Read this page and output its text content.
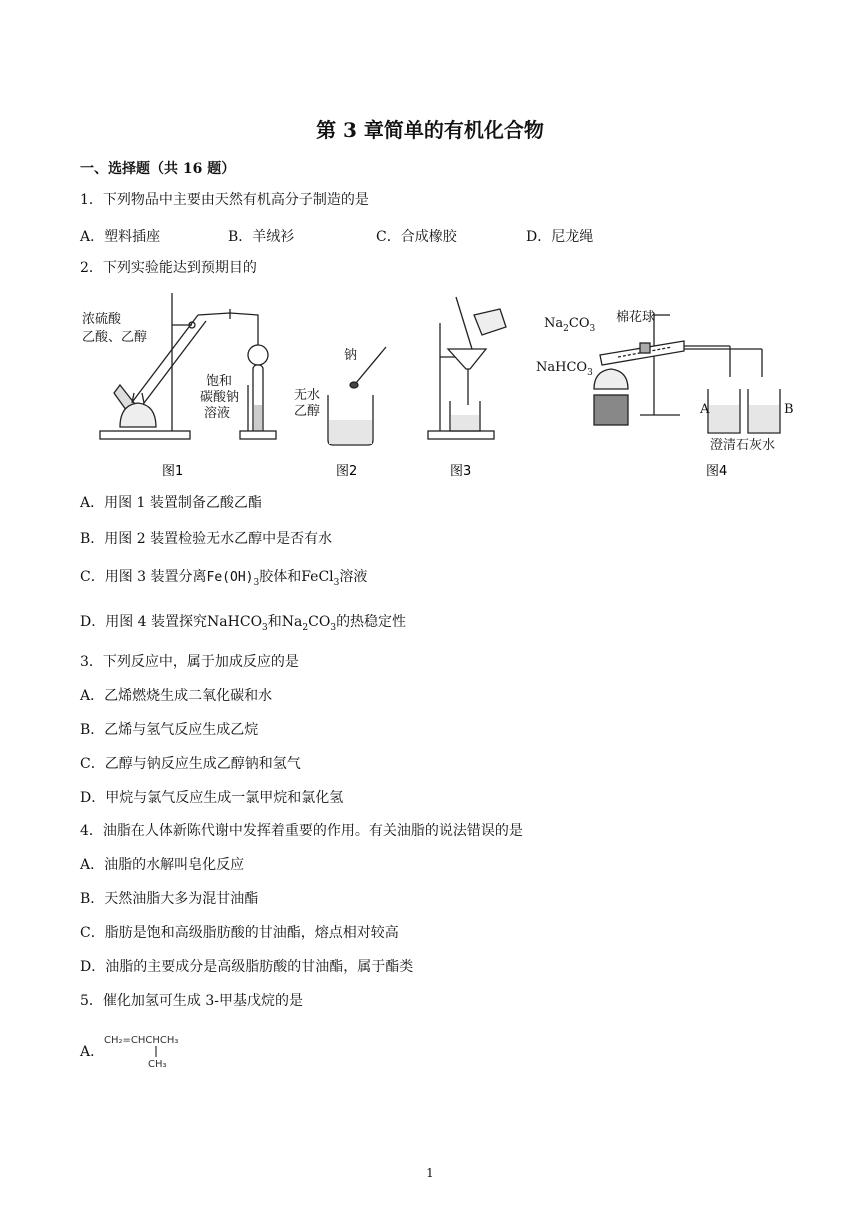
第 3 章简单的有机化合物
一、选择题（共 16 题）
1．下列物品中主要由天然有机高分子制造的是
A．塑料插座	B．羊绒衫	C．合成橡胶	D．尼龙绳
2．下列实验能达到预期目的
浓硫酸
乙酸、乙醇
饱和
碳酸钠
溶液
图1
钠
无水
乙醇
图2	图3
$Na_2CO_3$
棉花球
NaHCO$_3$
A	B
澄清石灰水
图4
A．用图 1 装置制备乙酸乙酯
B．用图 2 装置检验无水乙醇中是否有水
C．用图 3 装置分离$Fe(OH)_3$胶体和FeCl$_3$溶液
D．用图 4 装置探究NaHCO$_3$和$Na_2CO_3$的热稳定性
3．下列反应中，属于加成反应的是
A．乙烯燃烧生成二氧化碳和水
B．乙烯与氢气反应生成乙烷
C．乙醇与钠反应生成乙醇钠和氢气
D．甲烷与氯气反应生成一氯甲烷和氯化氢
4．油脂在人体新陈代谢中发挥着重要的作用。有关油脂的说法错误的是
A．油脂的水解叫皂化反应
B．天然油脂大多为混甘油酯
C．脂肪是饱和高级脂肪酸的甘油酯，熔点相对较高
D．油脂的主要成分是高级脂肪酸的甘油酯，属于酯类
5．催化加氢可生成 3-甲基戊烷的是
A．
CH₂=CHCHCH₃
CH₃
1
